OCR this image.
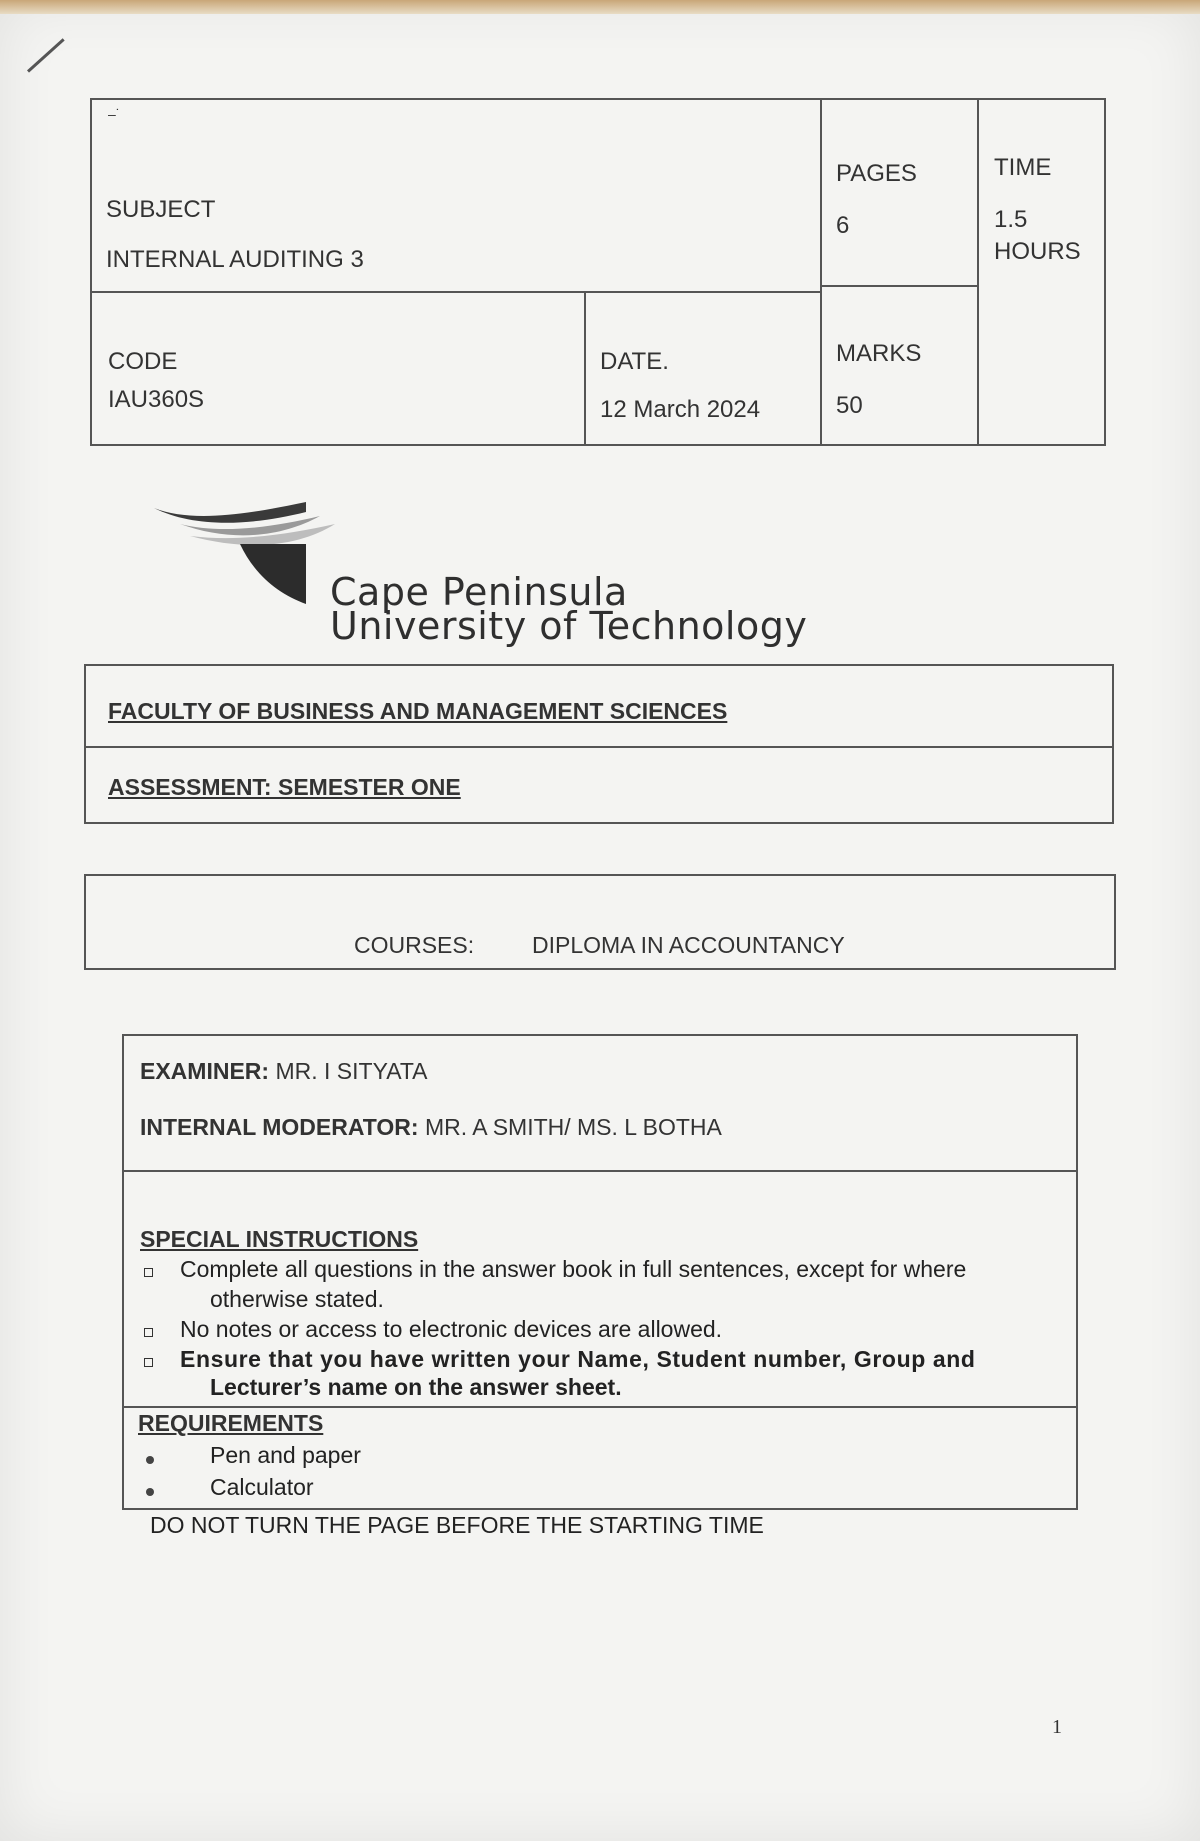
–˙
SUBJECT
INTERNAL AUDITING 3
PAGES
6
TIME
1.5
HOURS
CODE
IAU360S
DATE.
12 March 2024
MARKS
50
Cape Peninsula
University of Technology
FACULTY OF BUSINESS AND MANAGEMENT SCIENCES
ASSESSMENT: SEMESTER ONE
COURSES:	DIPLOMA IN ACCOUNTANCY
EXAMINER: MR. I SITYATA
INTERNAL MODERATOR: MR. A SMITH/ MS. L BOTHA
SPECIAL INSTRUCTIONS
Complete all questions in the answer book in full sentences, except for where
otherwise stated.
No notes or access to electronic devices are allowed.
Ensure that you have written your Name, Student number, Group and
Lecturer’s name on the answer sheet.
REQUIREMENTS
Pen and paper
Calculator
DO NOT TURN THE PAGE BEFORE THE STARTING TIME
1
